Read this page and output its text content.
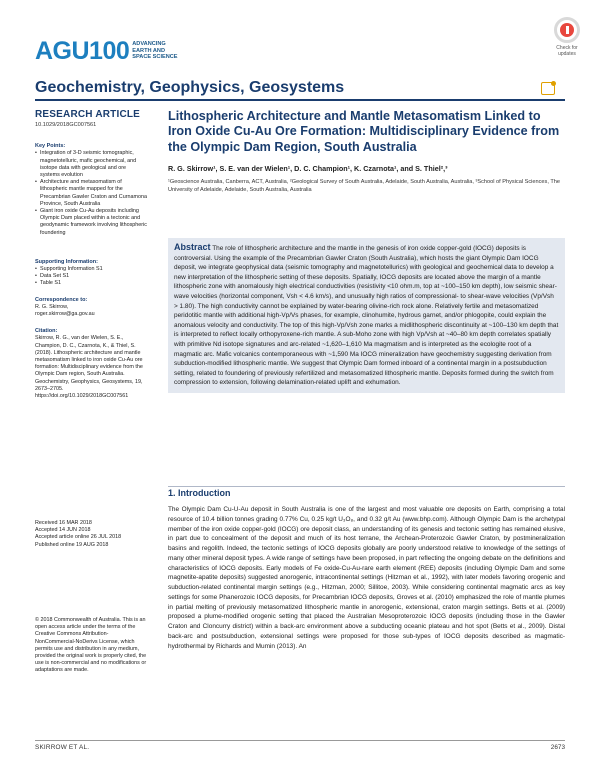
AGU100 ADVANCING
EARTH AND
SPACE SCIENCE
Check for
updates
Geochemistry, Geophysics, Geosystems
RESEARCH ARTICLE
10.1029/2018GC007561
Key Points:
• Integration of 3-D seismic tomographic, magnetotelluric, mafic geochemical, and isotope data with geological and ore systems evolution
• Architecture and metasomatism of lithospheric mantle mapped for the Precambrian Gawler Craton and Curnamona Province, South Australia
• Giant iron oxide Cu-Au deposits including Olympic Dam placed within a tectonic and geodynamic framework involving lithospheric foundering
Supporting Information:
• Supporting Information S1
• Data Set S1
• Table S1
Correspondence to:
R. G. Skirrow,
roger.skirrow@ga.gov.au
Citation:
Skirrow, R. G., van der Wielen, S. E., Champion, D. C., Czarnota, K., & Thiel, S. (2018). Lithospheric architecture and mantle metasomatism linked to iron oxide Cu-Au ore formation: Multidisciplinary evidence from the Olympic Dam region, South Australia. Geochemistry, Geophysics, Geosystems, 19, 2673–2705. https://doi.org/10.1029/2018GC007561
Received 16 MAR 2018
Accepted 14 JUN 2018
Accepted article online 26 JUL 2018
Published online 19 AUG 2018
© 2018 Commonwealth of Australia. This is an open access article under the terms of the Creative Commons Attribution-NonCommercial-NoDerivs License, which permits use and distribution in any medium, provided the original work is properly cited, the use is non-commercial and no modifications or adaptations are made.
Lithospheric Architecture and Mantle Metasomatism Linked to Iron Oxide Cu-Au Ore Formation: Multidisciplinary Evidence from the Olympic Dam Region, South Australia
R. G. Skirrow¹, S. E. van der Wielen¹, D. C. Champion¹, K. Czarnota¹, and S. Thiel²,³
¹Geoscience Australia, Canberra, ACT, Australia, ²Geological Survey of South Australia, Adelaide, South Australia, Australia, ³School of Physical Sciences, The University of Adelaide, Adelaide, South Australia, Australia
Abstract The role of lithospheric architecture and the mantle in the genesis of iron oxide copper-gold (IOCG) deposits is controversial. Using the example of the Precambrian Gawler Craton (South Australia), which hosts the giant Olympic Dam IOCG deposit, we integrate geophysical data (seismic tomography and magnetotellurics) with geological and geochemical data to develop a new interpretation of the lithospheric setting of these deposits. Spatially, IOCG deposits are located above the margin of a mantle lithospheric zone with anomalously high electrical conductivities (resistivity <10 ohm.m, top at ~100–150 km depth), low seismic shear-wave velocities (horizontal component, Vsh < 4.6 km/s), and unusually high ratios of compressional- to shear-wave velocities (Vp/Vsh > 1.80). The high conductivity cannot be explained by water-bearing olivine-rich rock alone. Relatively fertile and metasomatized peridotitic mantle with additional high-Vp/Vs phases, for example, clinohumite, hydrous garnet, and/or phlogopite, could explain the anomalous velocity and conductivity. The top of this high-Vp/Vsh zone marks a midlithospheric discontinuity at ~100–130 km depth that is interpreted to reflect locally orthopyroxene-rich mantle. A sub-Moho zone with high Vp/Vsh at ~40–80 km depth correlates spatially with primitive Nd isotope signatures and arc-related ~1,620–1,610 Ma magmatism and is interpreted as the ecologite root of a magmatic arc. Mafic volcanics contemporaneous with ~1,590 Ma IOCG mineralization have geochemistry suggesting derivation from subduction-modified lithospheric mantle. We suggest that Olympic Dam formed inboard of a continental margin in a postsubduction setting, related to foundering of previously refertilized and metasomatized lithospheric mantle. Deposits formed during the switch from compression to extension, following delamination-related uplift and exhumation.
1. Introduction
The Olympic Dam Cu-U-Au deposit in South Australia is one of the largest and most valuable ore deposits on Earth, comprising a total resource of 10.4 billion tonnes grading 0.77% Cu, 0.25 kg/t U₃O₈, and 0.32 g/t Au (www.bhp.com). Although Olympic Dam is the archetypal member of the iron oxide copper-gold (IOCG) ore deposit class, an understanding of its genesis and tectonic setting has remained elusive, in part due to concealment of the deposit and much of its host terrane, the Archean-Proterozoic Gawler Craton, by postmineralization basins and regolith. Indeed, the tectonic settings of IOCG deposits globally are poorly understood relative to knowledge of the settings of many other mineral deposit types. A wide range of settings have been proposed, in part reflecting the ongoing debate on the definitions and characteristics of IOCG deposits. Early models of Fe oxide-Cu-Au-rare earth element (REE) deposits (including Olympic Dam and some magnetite-apatite deposits) suggested anorogenic, intracontinental settings (Hitzman et al., 1992), with later models favoring orogenic and subduction-related continental margin settings (e.g., Hitzman, 2000; Sillitoe, 2003). While considering continental magmatic arcs as key settings for some Phanerozoic IOCG deposits, for Precambrian IOCG deposits, Groves et al. (2010) emphasized the role of mantle plumes in partial melting of previously metasomatized lithospheric mantle in anorogenic, extensional, craton margin settings. Betts et al. (2009) proposed a plume-modified orogenic setting that placed the Australian Mesoproterozoic IOCG deposits (including those in the Gawler Craton and Cloncurry district) within a back-arc environment above a subducting oceanic plateau and hot spot (Betts et al., 2009). Distal back-arc and postsubduction, extensional settings were proposed for those sub-types of IOCG deposits described as magmatic-hydrothermal by Richards and Mumin (2013). An
SKIRROW ET AL.	2673
